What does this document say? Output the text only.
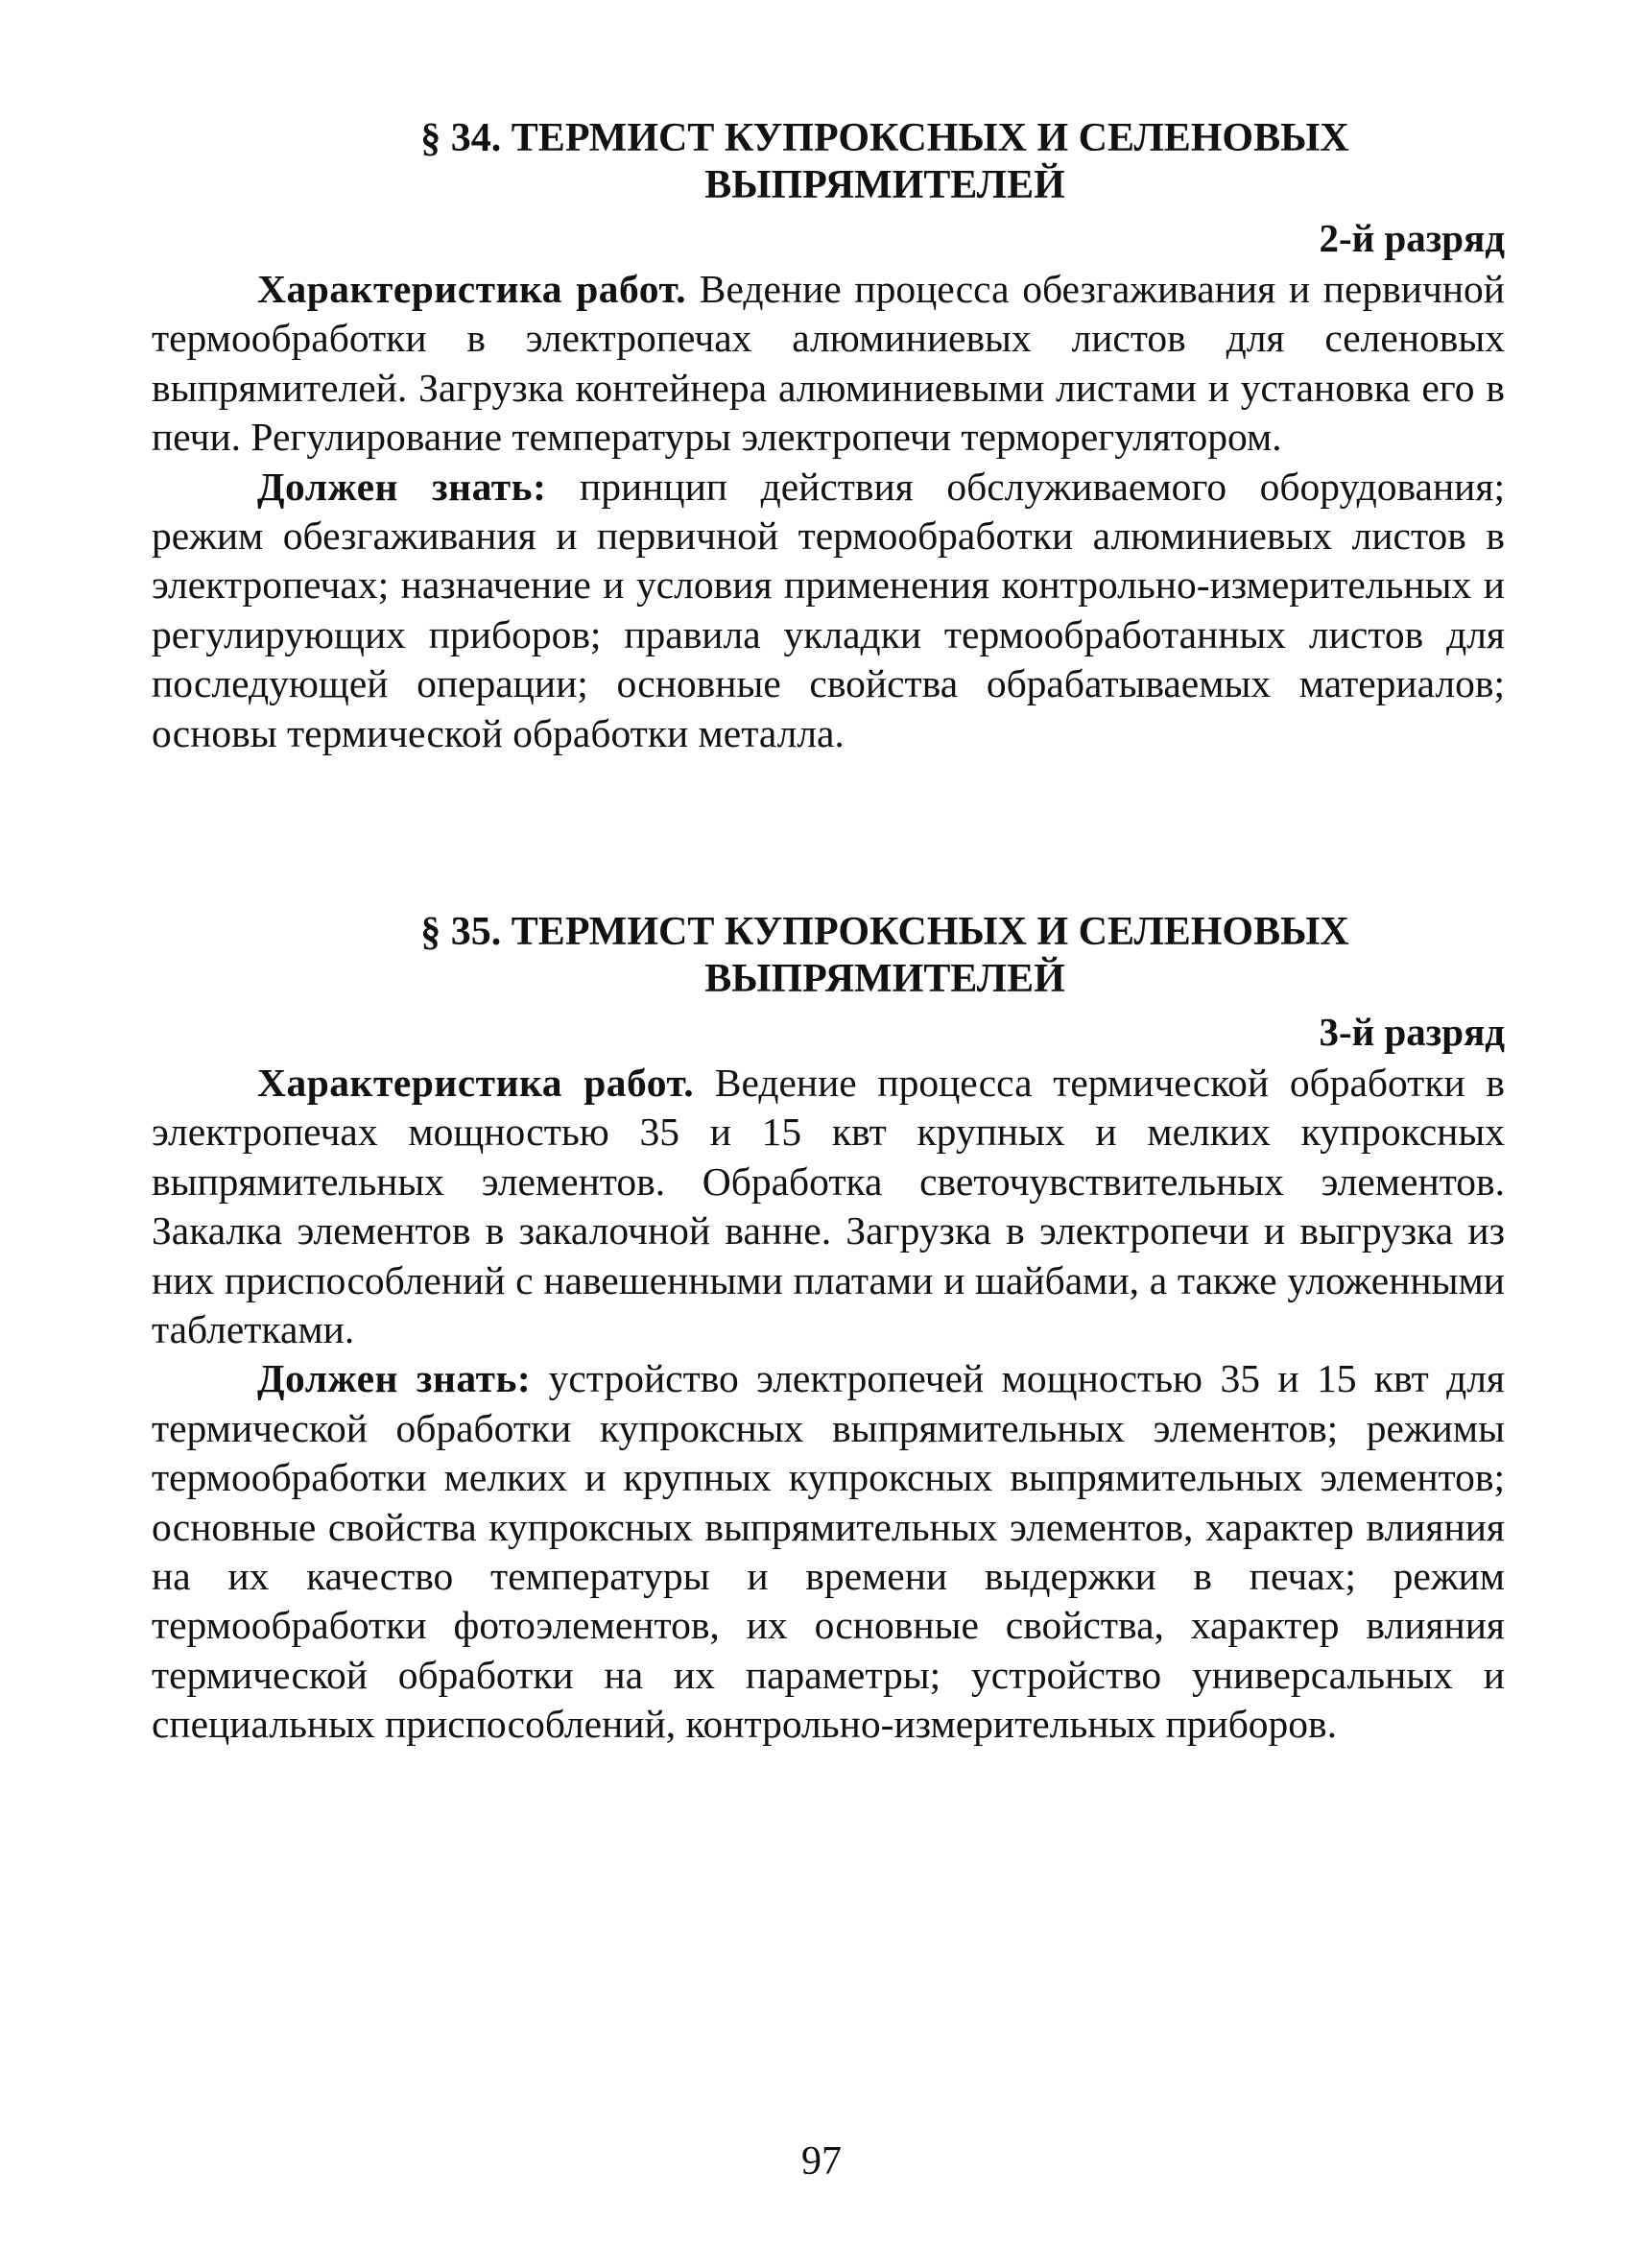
§ 34. ТЕРМИСТ КУПРОКСНЫХ И СЕЛЕНОВЫХ
ВЫПРЯМИТЕЛЕЙ
2-й разряд

Характеристика работ. Ведение процесса обезгаживания и первичной термообработки в электропечах алюминиевых листов для селеновых выпрямителей. Загрузка контейнера алюминиевыми листами и установка его в печи. Регулирование температуры электропечи терморегулятором.

Должен знать: принцип действия обслуживаемого оборудования; режим обезгаживания и первичной термообработки алюминиевых листов в электропечах; назначение и условия применения контрольно-измерительных и регулирующих приборов; правила укладки термообработанных листов для последующей операции; основные свойства обрабатываемых материалов; основы термической обработки металла.

§ 35. ТЕРМИСТ КУПРОКСНЫХ И СЕЛЕНОВЫХ
ВЫПРЯМИТЕЛЕЙ
3-й разряд

Характеристика работ. Ведение процесса термической обработки в электропечах мощностью 35 и 15 квт крупных и мелких купроксных выпрямительных элементов. Обработка светочувствительных элементов. Закалка элементов в закалочной ванне. Загрузка в электропечи и выгрузка из них приспособлений с навешенными платами и шайбами, а также уложенными таблетками.

Должен знать: устройство электропечей мощностью 35 и 15 квт для термической обработки купроксных выпрямительных элементов; режимы термообработки мелких и крупных купроксных выпрямительных элементов; основные свойства купроксных выпрямительных элементов, характер влияния на их качество температуры и времени выдержки в печах; режим термообработки фотоэлементов, их основные свойства, характер влияния термической обработки на их параметры; устройство универсальных и специальных приспособлений, контрольно-измерительных приборов.

97
